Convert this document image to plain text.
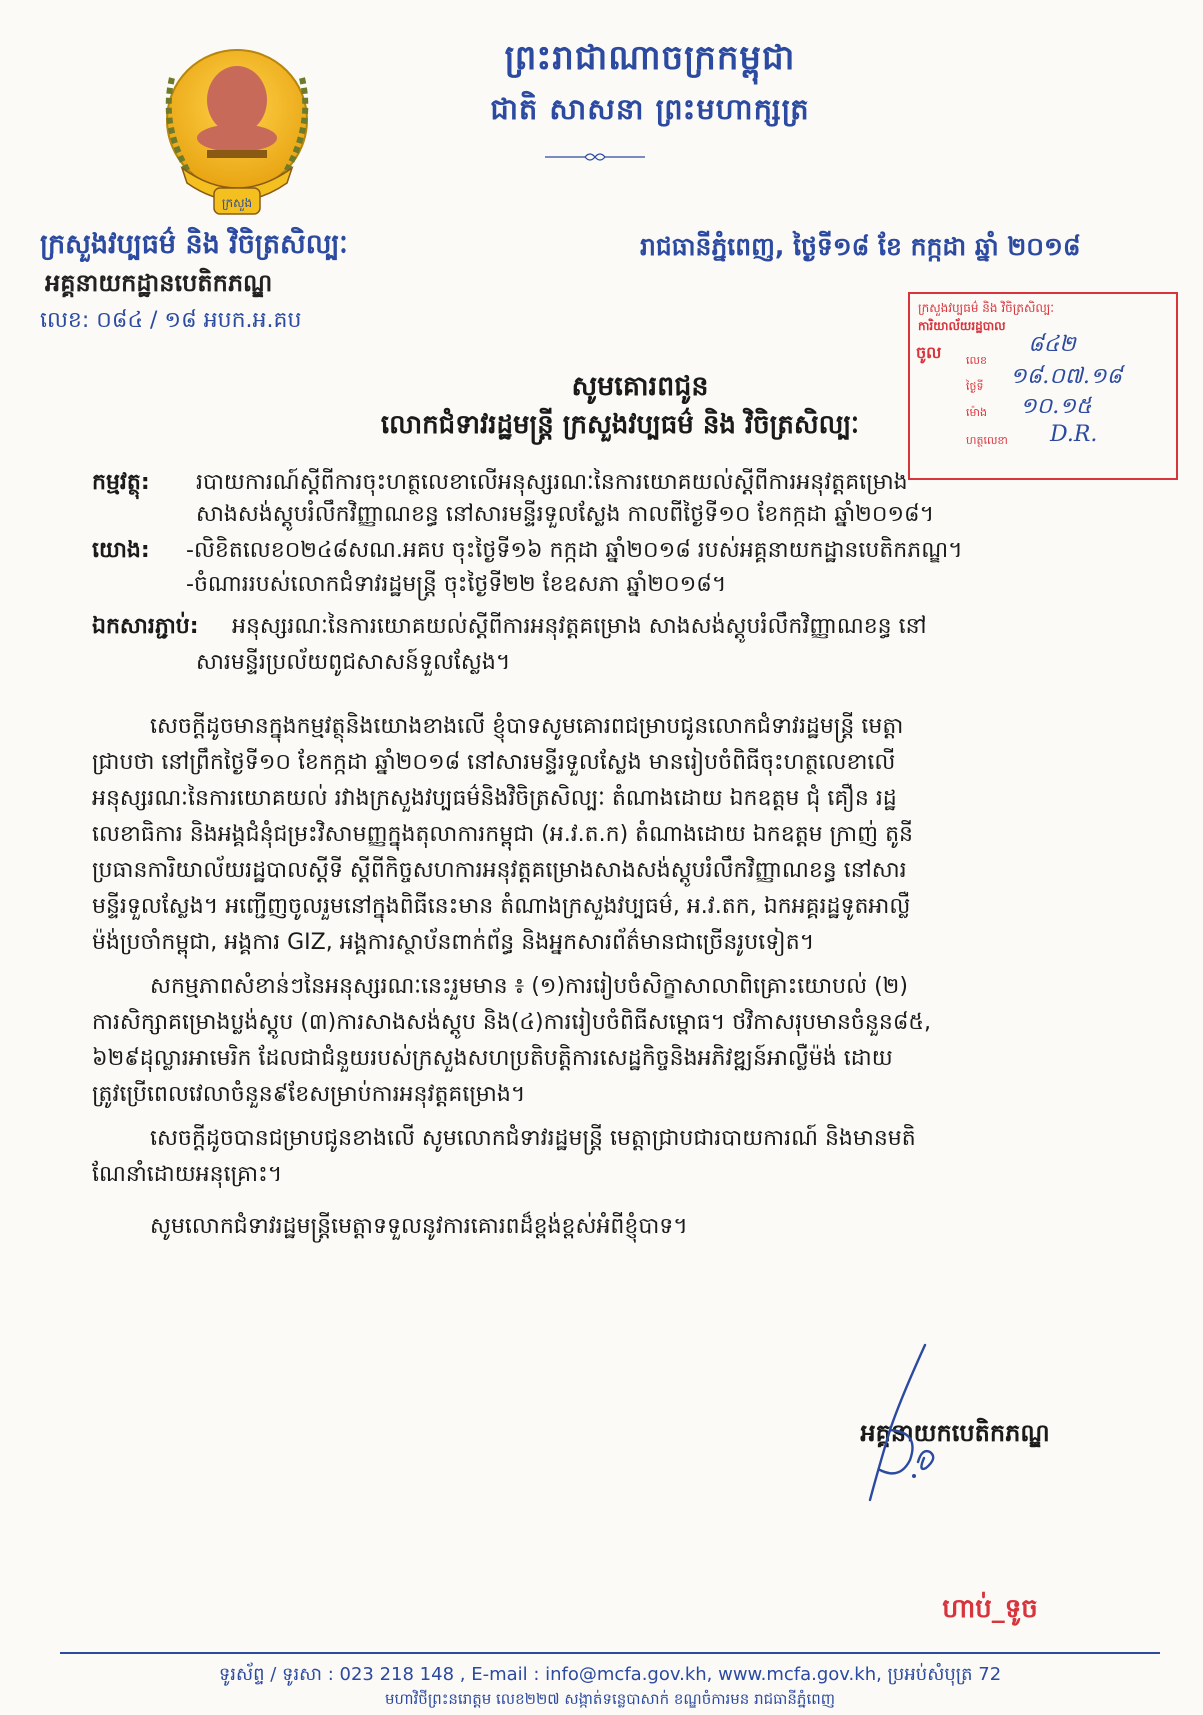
ក្រសួង
ព្រះរាជាណាចក្រកម្ពុជា
ជាតិ សាសនា ព្រះមហាក្សត្រ
ក្រសួងវប្បធម៌ និង វិចិត្រសិល្បៈ
អគ្គនាយកដ្ឋានបេតិកភណ្ឌ
លេខ: ០៨៤ / ១៨ អបក.អ.គប
រាជធានីភ្នំពេញ, ថ្ងៃទី១៨ ខែ កក្កដា ឆ្នាំ ២០១៨
ក្រសួងវប្បធម៌ និង វិចិត្រសិល្បៈ
ការិយាល័យរដ្ឋបាល
ចូល	លេខ
៨៤២
ថ្ងៃទី ១៨.០៧.១៨
ម៉ោង ១០.១៥
ហត្ថលេខា D.R.
សូមគោរពជូន
លោកជំទាវរដ្ឋមន្ត្រី ក្រសួងវប្បធម៌ និង វិចិត្រសិល្បៈ
កម្មវត្ថុ: របាយការណ៍ស្តីពីការចុះហត្ថលេខាលើអនុស្សរណៈនៃការយោគយល់ស្តីពីការអនុវត្តគម្រោង
សាងសង់ស្តូបរំលឹកវិញ្ញាណខន្ធ នៅសារមន្ទីរទួលស្លែង កាលពីថ្ងៃទី១០ ខែកក្កដា ឆ្នាំ២០១៨។
យោង: -លិខិតលេខ០២៤៨សណ.អគប ចុះថ្ងៃទី១៦ កក្កដា ឆ្នាំ២០១៨ របស់អគ្គនាយកដ្ឋានបេតិកភណ្ឌ។
-ចំណាររបស់លោកជំទាវរដ្ឋមន្ត្រី ចុះថ្ងៃទី២២ ខែឧសភា ឆ្នាំ២០១៨។
ឯកសារភ្ជាប់: អនុស្សរណៈនៃការយោគយល់ស្តីពីការអនុវត្តគម្រោង សាងសង់ស្តូបរំលឹកវិញ្ញាណខន្ធ នៅ
សារមន្ទីរប្រល័យពូជសាសន៍ទួលស្លែង។
សេចក្តីដូចមានក្នុងកម្មវត្ថុនិងយោងខាងលើ ខ្ញុំបាទសូមគោរពជម្រាបជូនលោកជំទាវរដ្ឋមន្ត្រី មេត្តា
ជ្រាបថា នៅព្រឹកថ្ងៃទី១០ ខែកក្កដា ឆ្នាំ២០១៨ នៅសារមន្ទីរទួលស្លែង មានរៀបចំពិធីចុះហត្ថលេខាលើ
អនុស្សរណៈនៃការយោគយល់ រវាងក្រសួងវប្បធម៌និងវិចិត្រសិល្បៈ តំណាងដោយ ឯកឧត្តម ជុំ គឿន រដ្ឋ
លេខាធិការ និងអង្គជំនុំជម្រះវិសាមញ្ញក្នុងតុលាការកម្ពុជា (អ.វ.ត.ក) តំណាងដោយ ឯកឧត្តម ក្រាញ់ តូនី
ប្រធានការិយាល័យរដ្ឋបាលស្តីទី ស្តីពីកិច្ចសហការអនុវត្តគម្រោងសាងសង់ស្តូបរំលឹកវិញ្ញាណខន្ធ នៅសារ
មន្ទីរទួលស្លែង។ អញ្ជើញចូលរួមនៅក្នុងពិធីនេះមាន តំណាងក្រសួងវប្បធម៌, អ.វ.តក, ឯកអគ្គរដ្ឋទូតអាល្លឺ
ម៉ង់ប្រចាំកម្ពុជា, អង្គការ GIZ, អង្គការស្ថាប័នពាក់ព័ន្ធ និងអ្នកសារព័ត៌មានជាច្រើនរូបទៀត។
សកម្មភាពសំខាន់ៗនៃអនុស្សរណៈនេះរួមមាន ៖ (១)ការរៀបចំសិក្ខាសាលាពិគ្រោះយោបល់ (២)
ការសិក្សាគម្រោងប្លង់ស្តូប (៣)ការសាងសង់ស្តូប និង(៤)ការរៀបចំពិធីសម្ពោធ។ ថវិកាសរុបមានចំនួន៨៥,
៦២៩ដុល្លារអាមេរិក ដែលជាជំនួយរបស់ក្រសួងសហប្រតិបត្តិការសេដ្ឋកិច្ចនិងអភិវឌ្ឍន៍អាល្លឺម៉ង់ ដោយ
ត្រូវប្រើពេលវេលាចំនួន៩ខែសម្រាប់ការអនុវត្តគម្រោង។
សេចក្តីដូចបានជម្រាបជូនខាងលើ សូមលោកជំទាវរដ្ឋមន្ត្រី មេត្តាជ្រាបជារបាយការណ៍ និងមានមតិ
ណែនាំដោយអនុគ្រោះ។
សូមលោកជំទាវរដ្ឋមន្ត្រីមេត្តាទទួលនូវការគោរពដ៏ខ្ពង់ខ្ពស់អំពីខ្ញុំបាទ។
អគ្គនាយកបេតិកភណ្ឌ
ហាប់_ទូច
ទូរស័ព្ទ / ទូរសា : 023 218 148 , E-mail : info@mcfa.gov.kh, www.mcfa.gov.kh, ប្រអប់សំបុត្រ 72
មហាវិថីព្រះនរោត្តម លេខ២២៧ សង្កាត់ទន្លេបាសាក់ ខណ្ឌចំការមន រាជធានីភ្នំពេញ
